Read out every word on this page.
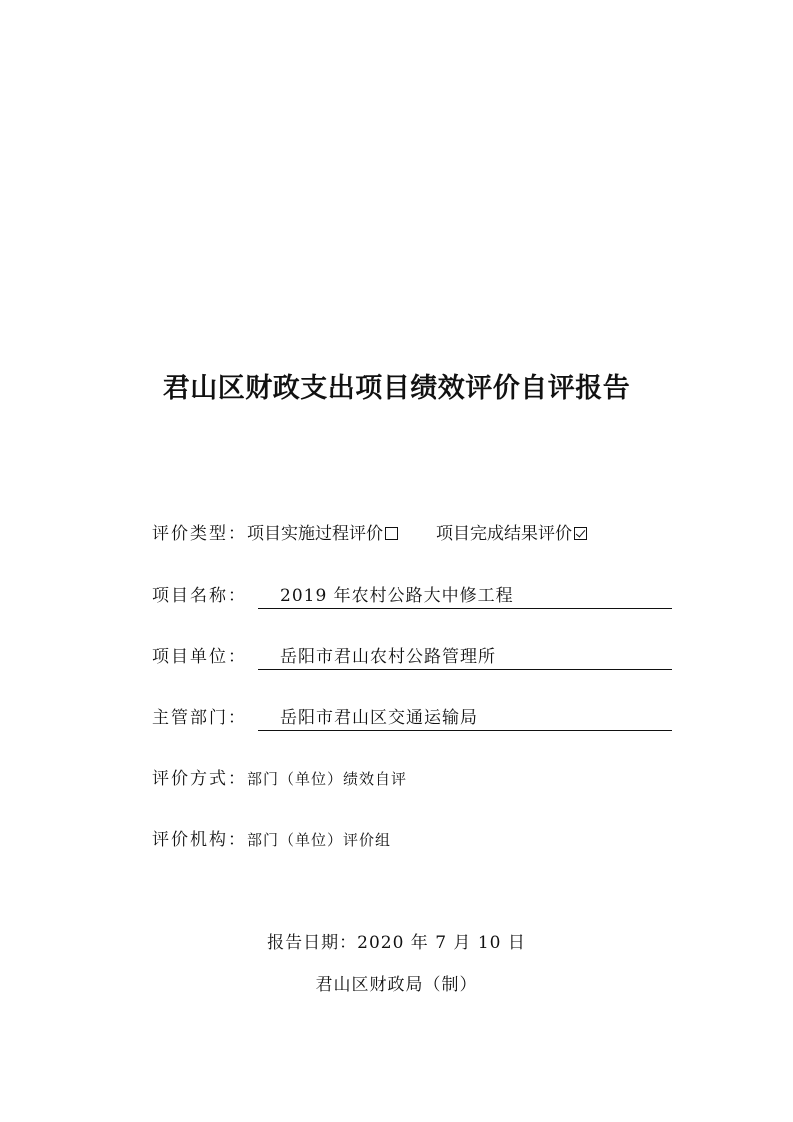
君山区财政支出项目绩效评价自评报告
评价类型：项目实施过程评价	项目完成结果评价
项目名称：	2019 年农村公路大中修工程
项目单位：	岳阳市君山农村公路管理所
主管部门：	岳阳市君山区交通运输局
评价方式：部门（单位）绩效自评
评价机构：部门（单位）评价组
报告日期：2020 年 7 月 10 日
君山区财政局（制）
